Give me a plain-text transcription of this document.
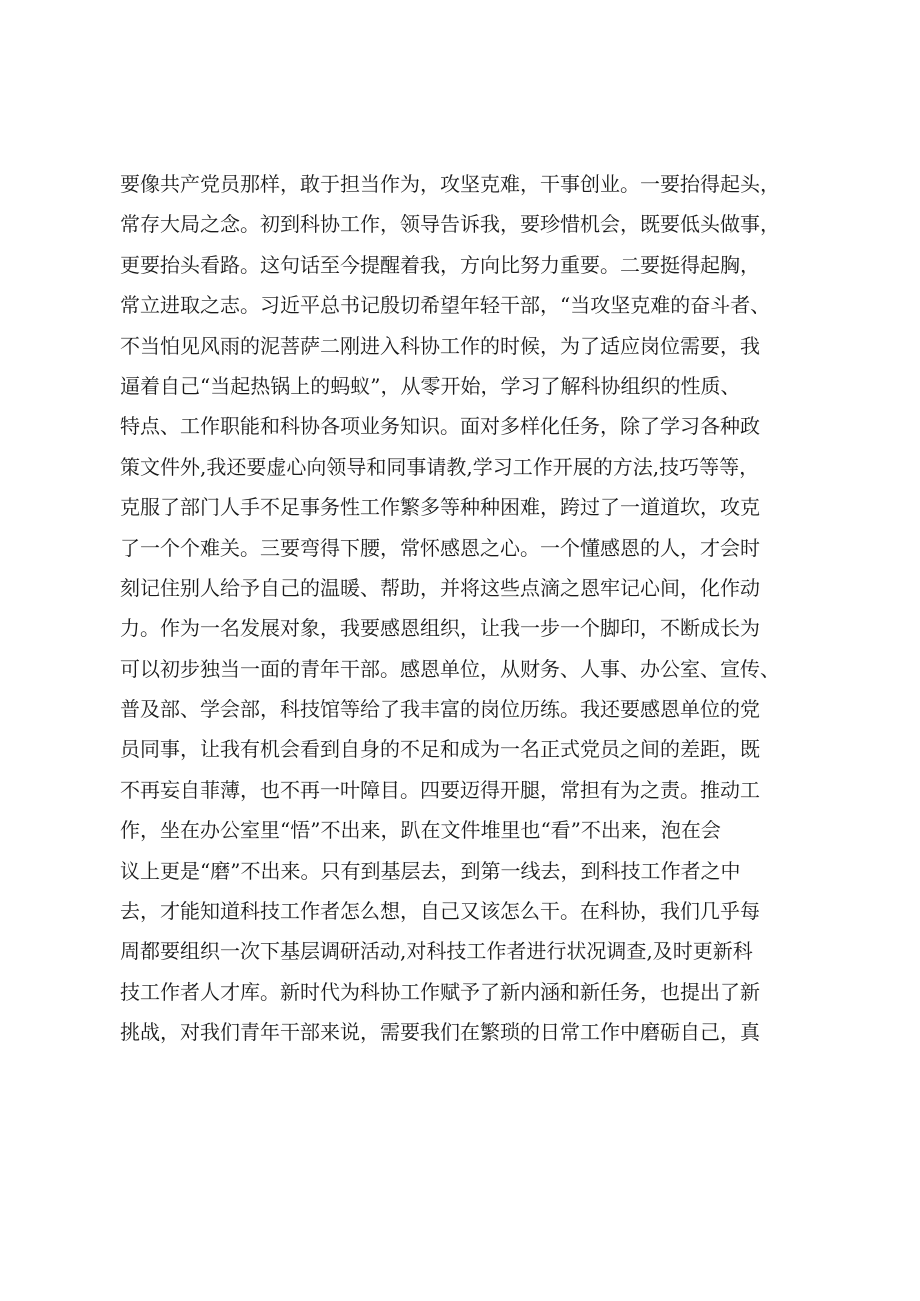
要像共产党员那样，敢于担当作为，攻坚克难，干事创业。一要抬得起头，
常存大局之念。初到科协工作，领导告诉我，要珍惜机会，既要低头做事，
更要抬头看路。这句话至今提醒着我，方向比努力重要。二要挺得起胸，
常立进取之志。习近平总书记殷切希望年轻干部，“当攻坚克难的奋斗者、
不当怕见风雨的泥菩萨二刚进入科协工作的时候，为了适应岗位需要，我
逼着自己“当起热锅上的蚂蚁”，从零开始，学习了解科协组织的性质、
特点、工作职能和科协各项业务知识。面对多样化任务，除了学习各种政
策文件外,我还要虚心向领导和同事请教,学习工作开展的方法,技巧等等，
克服了部门人手不足事务性工作繁多等种种困难，跨过了一道道坎，攻克
了一个个难关。三要弯得下腰，常怀感恩之心。一个懂感恩的人，才会时
刻记住别人给予自己的温暖、帮助，并将这些点滴之恩牢记心间，化作动
力。作为一名发展对象，我要感恩组织，让我一步一个脚印，不断成长为
可以初步独当一面的青年干部。感恩单位，从财务、人事、办公室、宣传、
普及部、学会部，科技馆等给了我丰富的岗位历练。我还要感恩单位的党
员同事，让我有机会看到自身的不足和成为一名正式党员之间的差距，既
不再妄自菲薄，也不再一叶障目。四要迈得开腿，常担有为之责。推动工
作，坐在办公室里“悟”不出来，趴在文件堆里也“看”不出来，泡在会
议上更是“磨”不出来。只有到基层去，到第一线去，到科技工作者之中
去，才能知道科技工作者怎么想，自己又该怎么干。在科协，我们几乎每
周都要组织一次下基层调研活动,对科技工作者进行状况调查,及时更新科
技工作者人才库。新时代为科协工作赋予了新内涵和新任务，也提出了新
挑战，对我们青年干部来说，需要我们在繁琐的日常工作中磨砺自己，真
